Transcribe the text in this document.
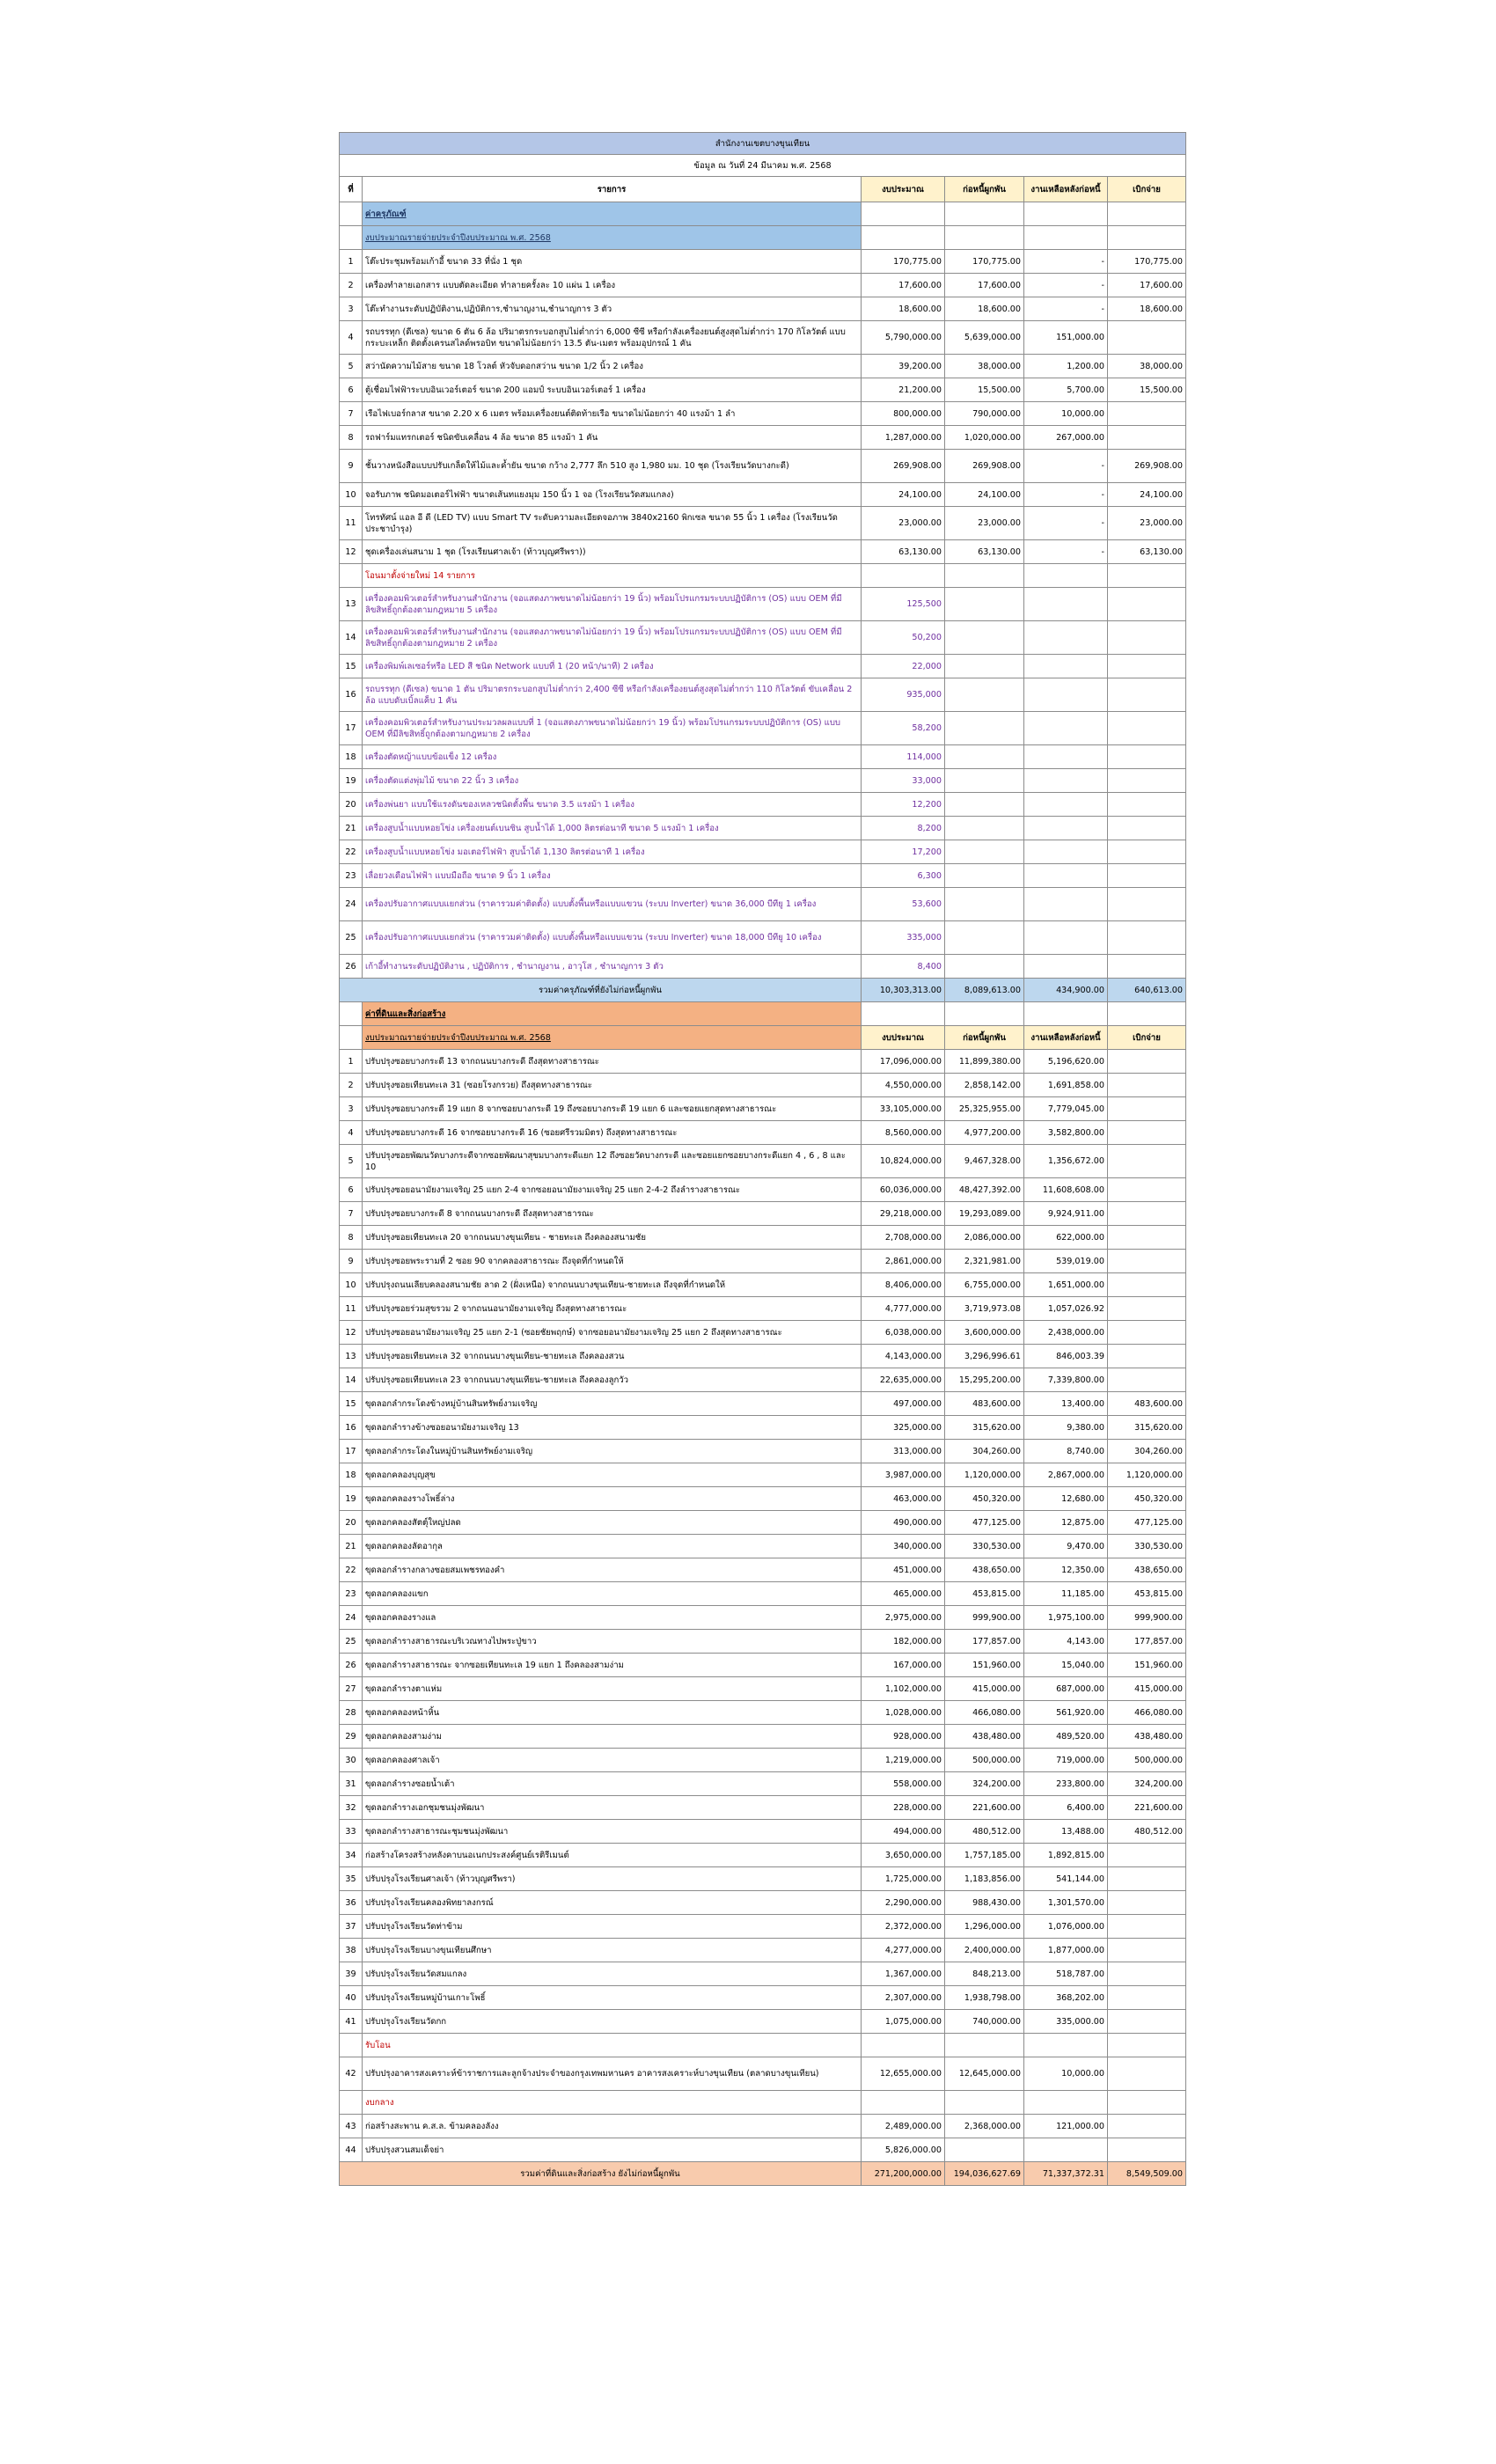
สำนักงานเขตบางขุนเทียน					
ข้อมูล ณ วันที่ 24 มีนาคม พ.ศ. 2568					
ที่	รายการ	งบประมาณ	ก่อหนี้ผูกพัน	งานเหลือหลังก่อหนี้	เบิกจ่าย
	ค่าครุภัณฑ์				
	งบประมาณรายจ่ายประจำปีงบประมาณ พ.ศ. 2568				
1	โต๊ะประชุมพร้อมเก้าอี้ ขนาด 33 ที่นั่ง 1 ชุด	170,775.00	170,775.00	-	170,775.00
2	เครื่องทำลายเอกสาร แบบตัดละเอียด ทำลายครั้งละ 10 แผ่น 1 เครื่อง	17,600.00	17,600.00	-	17,600.00
3	โต๊ะทำงานระดับปฏิบัติงาน,ปฏิบัติการ,ชำนาญงาน,ชำนาญการ 3 ตัว	18,600.00	18,600.00	-	18,600.00
4	รถบรรทุก (ดีเซล) ขนาด 6 ตัน 6 ล้อ ปริมาตรกระบอกสูบไม่ต่ำกว่า 6,000 ซีซี หรือกำลังเครื่องยนต์สูงสุดไม่ต่ำกว่า 170 กิโลวัตต์ แบบกระบะเหล็ก ติดตั้งเครนสไลด์พรอบิท ขนาดไม่น้อยกว่า 13.5 ตัน-เมตร พร้อมอุปกรณ์ 1 คัน	5,790,000.00	5,639,000.00	151,000.00	
5	สว่านัดความไม้สาย ขนาด 18 โวลต์ หัวจับดอกสว่าน ขนาด 1/2 นิ้ว 2 เครื่อง	39,200.00	38,000.00	1,200.00	38,000.00
6	ตู้เชื่อมไฟฟ้าระบบอินเวอร์เตอร์ ขนาด 200 แอมป์ ระบบอินเวอร์เตอร์ 1 เครื่อง	21,200.00	15,500.00	5,700.00	15,500.00
7	เรือไฟเบอร์กลาส ขนาด 2.20 x 6 เมตร พร้อมเครื่องยนต์ติดท้ายเรือ ขนาดไม่น้อยกว่า 40 แรงม้า 1 ลำ	800,000.00	790,000.00	10,000.00	
8	รถฟาร์มแทรกเตอร์ ชนิดขับเคลื่อน 4 ล้อ ขนาด 85 แรงม้า 1 คัน	1,287,000.00	1,020,000.00	267,000.00	
9	ชั้นวางหนังสือแบบปรับเกล็ดให้ไม้และค้ำยัน ขนาด กว้าง 2,777 ลึก 510 สูง 1,980 มม. 10 ชุด (โรงเรียนวัดบางกะดี)	269,908.00	269,908.00	-	269,908.00
10	จอรับภาพ ชนิดมอเตอร์ไฟฟ้า ขนาดเส้นทแยงมุม 150 นิ้ว 1 จอ (โรงเรียนวัดสมแกลง)	24,100.00	24,100.00	-	24,100.00
11	โทรทัศน์ แอล อี ดี (LED TV) แบบ Smart TV ระดับความละเอียดจอภาพ 3840x2160 พิกเซล ขนาด 55 นิ้ว 1 เครื่อง (โรงเรียนวัดประชาบำรุง)	23,000.00	23,000.00	-	23,000.00
12	ชุดเครื่องเล่นสนาม 1 ชุด (โรงเรียนศาลเจ้า (ท้าวบุญศรีพรา))	63,130.00	63,130.00	-	63,130.00
	โอนมาตั้งจ่ายใหม่ 14 รายการ				
13	เครื่องคอมพิวเตอร์สำหรับงานสำนักงาน (จอแสดงภาพขนาดไม่น้อยกว่า 19 นิ้ว) พร้อมโปรแกรมระบบปฏิบัติการ (OS) แบบ OEM ที่มีลิขสิทธิ์ถูกต้องตามกฎหมาย 5 เครื่อง	125,500			
14	เครื่องคอมพิวเตอร์สำหรับงานสำนักงาน (จอแสดงภาพขนาดไม่น้อยกว่า 19 นิ้ว) พร้อมโปรแกรมระบบปฏิบัติการ (OS) แบบ OEM ที่มีลิขสิทธิ์ถูกต้องตามกฎหมาย 2 เครื่อง	50,200			
15	เครื่องพิมพ์เลเซอร์หรือ LED สี ชนิด Network แบบที่ 1 (20 หน้า/นาที) 2 เครื่อง	22,000			
16	รถบรรทุก (ดีเซล) ขนาด 1 ตัน ปริมาตรกระบอกสูบไม่ต่ำกว่า 2,400 ซีซี หรือกำลังเครื่องยนต์สูงสุดไม่ต่ำกว่า 110 กิโลวัตต์ ขับเคลื่อน 2 ล้อ แบบดับเบิ้ลแค็บ 1 คัน	935,000			
17	เครื่องคอมพิวเตอร์สำหรับงานประมวลผลแบบที่ 1 (จอแสดงภาพขนาดไม่น้อยกว่า 19 นิ้ว) พร้อมโปรแกรมระบบปฏิบัติการ (OS) แบบ OEM ที่มีลิขสิทธิ์ถูกต้องตามกฎหมาย 2 เครื่อง	58,200			
18	เครื่องตัดหญ้าแบบข้อแข็ง 12 เครื่อง	114,000			
19	เครื่องตัดแต่งพุ่มไม้ ขนาด 22 นิ้ว 3 เครื่อง	33,000			
20	เครื่องพ่นยา แบบใช้แรงดันของเหลวชนิดตั้งพื้น ขนาด 3.5 แรงม้า 1 เครื่อง	12,200			
21	เครื่องสูบน้ำแบบหอยโข่ง เครื่องยนต์เบนซิน สูบน้ำได้ 1,000 ลิตรต่อนาที ขนาด 5 แรงม้า 1 เครื่อง	8,200			
22	เครื่องสูบน้ำแบบหอยโข่ง มอเตอร์ไฟฟ้า สูบน้ำได้ 1,130 ลิตรต่อนาที 1 เครื่อง	17,200			
23	เลื่อยวงเดือนไฟฟ้า แบบมือถือ ขนาด 9 นิ้ว 1 เครื่อง	6,300			
24	เครื่องปรับอากาศแบบแยกส่วน (ราคารวมค่าติดตั้ง) แบบตั้งพื้นหรือแบบแขวน (ระบบ Inverter) ขนาด 36,000 บีทียู 1 เครื่อง	53,600			
25	เครื่องปรับอากาศแบบแยกส่วน (ราคารวมค่าติดตั้ง) แบบตั้งพื้นหรือแบบแขวน (ระบบ Inverter) ขนาด 18,000 บีทียู 10 เครื่อง	335,000			
26	เก้าอี้ทำงานระดับปฏิบัติงาน , ปฏิบัติการ , ชำนาญงาน , อาวุโส , ชำนาญการ 3 ตัว	8,400			
รวมค่าครุภัณฑ์ที่ยังไม่ก่อหนี้ผูกพัน		10,303,313.00	8,089,613.00	434,900.00	640,613.00
	ค่าที่ดินและสิ่งก่อสร้าง				
	งบประมาณรายจ่ายประจำปีงบประมาณ พ.ศ. 2568	งบประมาณ	ก่อหนี้ผูกพัน	งานเหลือหลังก่อหนี้	เบิกจ่าย
1	ปรับปรุงซอยบางกระดี 13 จากถนนบางกระดี ถึงสุดทางสาธารณะ	17,096,000.00	11,899,380.00	5,196,620.00	
2	ปรับปรุงซอยเทียนทะเล 31 (ซอยโรงกรวย) ถึงสุดทางสาธารณะ	4,550,000.00	2,858,142.00	1,691,858.00	
3	ปรับปรุงซอยบางกระดี 19 แยก 8 จากซอยบางกระดี 19 ถึงซอยบางกระดี 19 แยก 6 และซอยแยกสุดทางสาธารณะ	33,105,000.00	25,325,955.00	7,779,045.00	
4	ปรับปรุงซอยบางกระดี 16 จากซอยบางกระดี 16 (ซอยศรีรวมมิตร) ถึงสุดทางสาธารณะ	8,560,000.00	4,977,200.00	3,582,800.00	
5	ปรับปรุงซอยพัฒนวัดบางกระดีจากซอยพัฒนาสุขมบางกระดีแยก 12 ถึงซอยวัดบางกระดี และซอยแยกซอยบางกระดีแยก 4 , 6 , 8 และ 10	10,824,000.00	9,467,328.00	1,356,672.00	
6	ปรับปรุงซอยอนามัยงามเจริญ 25 แยก 2-4 จากซอยอนามัยงามเจริญ 25 แยก 2-4-2 ถึงลำรางสาธารณะ	60,036,000.00	48,427,392.00	11,608,608.00	
7	ปรับปรุงซอยบางกระดี 8 จากถนนบางกระดี ถึงสุดทางสาธารณะ	29,218,000.00	19,293,089.00	9,924,911.00	
8	ปรับปรุงซอยเทียนทะเล 20 จากถนนบางขุนเทียน - ชายทะเล ถึงคลองสนามชัย	2,708,000.00	2,086,000.00	622,000.00	
9	ปรับปรุงซอยพระรามที่ 2 ซอย 90 จากคลองสาธารณะ ถึงจุดที่กำหนดให้	2,861,000.00	2,321,981.00	539,019.00	
10	ปรับปรุงถนนเลียบคลองสนามชัย ลาด 2 (ฝั่งเหนือ) จากถนนบางขุนเทียน-ชายทะเล ถึงจุดที่กำหนดให้	8,406,000.00	6,755,000.00	1,651,000.00	
11	ปรับปรุงซอยร่วมสุขรวม 2 จากถนนอนามัยงามเจริญ ถึงสุดทางสาธารณะ	4,777,000.00	3,719,973.08	1,057,026.92	
12	ปรับปรุงซอยอนามัยงามเจริญ 25 แยก 2-1 (ซอยชัยพฤกษ์) จากซอยอนามัยงามเจริญ 25 แยก 2 ถึงสุดทางสาธารณะ	6,038,000.00	3,600,000.00	2,438,000.00	
13	ปรับปรุงซอยเทียนทะเล 32 จากถนนบางขุนเทียน-ชายทะเล ถึงคลองสวน	4,143,000.00	3,296,996.61	846,003.39	
14	ปรับปรุงซอยเทียนทะเล 23 จากถนนบางขุนเทียน-ชายทะเล ถึงคลองลูกวัว	22,635,000.00	15,295,200.00	7,339,800.00	
15	ขุดลอกลำกระโดงข้างหมู่บ้านสินทรัพย์งามเจริญ	497,000.00	483,600.00	13,400.00	483,600.00
16	ขุดลอกลำรางข้างซอยอนามัยงามเจริญ 13	325,000.00	315,620.00	9,380.00	315,620.00
17	ขุดลอกลำกระโดงในหมู่บ้านสินทรัพย์งามเจริญ	313,000.00	304,260.00	8,740.00	304,260.00
18	ขุดลอกคลองบุญสุข	3,987,000.00	1,120,000.00	2,867,000.00	1,120,000.00
19	ขุดลอกคลองรางโพธิ์ล่าง	463,000.00	450,320.00	12,680.00	450,320.00
20	ขุดลอกคลองสัตตุ์ใหญ่ปลด	490,000.00	477,125.00	12,875.00	477,125.00
21	ขุดลอกคลองลัดอากุล	340,000.00	330,530.00	9,470.00	330,530.00
22	ขุดลอกลำรางกลางซอยสมเพชรทองคำ	451,000.00	438,650.00	12,350.00	438,650.00
23	ขุดลอกคลองแขก	465,000.00	453,815.00	11,185.00	453,815.00
24	ขุดลอกคลองรางแล	2,975,000.00	999,900.00	1,975,100.00	999,900.00
25	ขุดลอกลำรางสาธารณะบริเวณทางไปพระปู่ขาว	182,000.00	177,857.00	4,143.00	177,857.00
26	ขุดลอกลำรางสาธารณะ จากซอยเทียนทะเล 19 แยก 1 ถึงคลองสามง่าม	167,000.00	151,960.00	15,040.00	151,960.00
27	ขุดลอกลำรางตาแห่ม	1,102,000.00	415,000.00	687,000.00	415,000.00
28	ขุดลอกคลองหน้าหิ้น	1,028,000.00	466,080.00	561,920.00	466,080.00
29	ขุดลอกคลองสามง่าม	928,000.00	438,480.00	489,520.00	438,480.00
30	ขุดลอกคลองศาลเจ้า	1,219,000.00	500,000.00	719,000.00	500,000.00
31	ขุดลอกลำรางซอยน้ำเต้า	558,000.00	324,200.00	233,800.00	324,200.00
32	ขุดลอกลำรางเอกชุมชนมุ่งพัฒนา	228,000.00	221,600.00	6,400.00	221,600.00
33	ขุดลอกลำรางสาธารณะชุมชนมุ่งพัฒนา	494,000.00	480,512.00	13,488.00	480,512.00
34	ก่อสร้างโครงสร้างหลังคาบนอเนกประสงค์ศูนย์เรติรีเมนต์	3,650,000.00	1,757,185.00	1,892,815.00	
35	ปรับปรุงโรงเรียนศาลเจ้า (ท้าวบุญศรีพรา)	1,725,000.00	1,183,856.00	541,144.00	
36	ปรับปรุงโรงเรียนคลองพิทยาลงกรณ์	2,290,000.00	988,430.00	1,301,570.00	
37	ปรับปรุงโรงเรียนวัดท่าข้าม	2,372,000.00	1,296,000.00	1,076,000.00	
38	ปรับปรุงโรงเรียนบางขุนเทียนศึกษา	4,277,000.00	2,400,000.00	1,877,000.00	
39	ปรับปรุงโรงเรียนวัดสมแกลง	1,367,000.00	848,213.00	518,787.00	
40	ปรับปรุงโรงเรียนหมู่บ้านเกาะโพธิ์	2,307,000.00	1,938,798.00	368,202.00	
41	ปรับปรุงโรงเรียนวัดกก	1,075,000.00	740,000.00	335,000.00	
	รับโอน				
42	ปรับปรุงอาคารสงเคราะห์ข้าราชการและลูกจ้างประจำของกรุงเทพมหานคร อาคารสงเคราะห์บางขุนเทียน (ตลาดบางขุนเทียน)	12,655,000.00	12,645,000.00	10,000.00	
	งบกลาง				
43	ก่อสร้างสะพาน ค.ส.ล. ข้ามคลองลังง	2,489,000.00	2,368,000.00	121,000.00	
44	ปรับปรุงสวนสมเด็จย่า	5,826,000.00			
รวมค่าที่ดินและสิ่งก่อสร้าง ยังไม่ก่อหนี้ผูกพัน		271,200,000.00	194,036,627.69	71,337,372.31	8,549,509.00
